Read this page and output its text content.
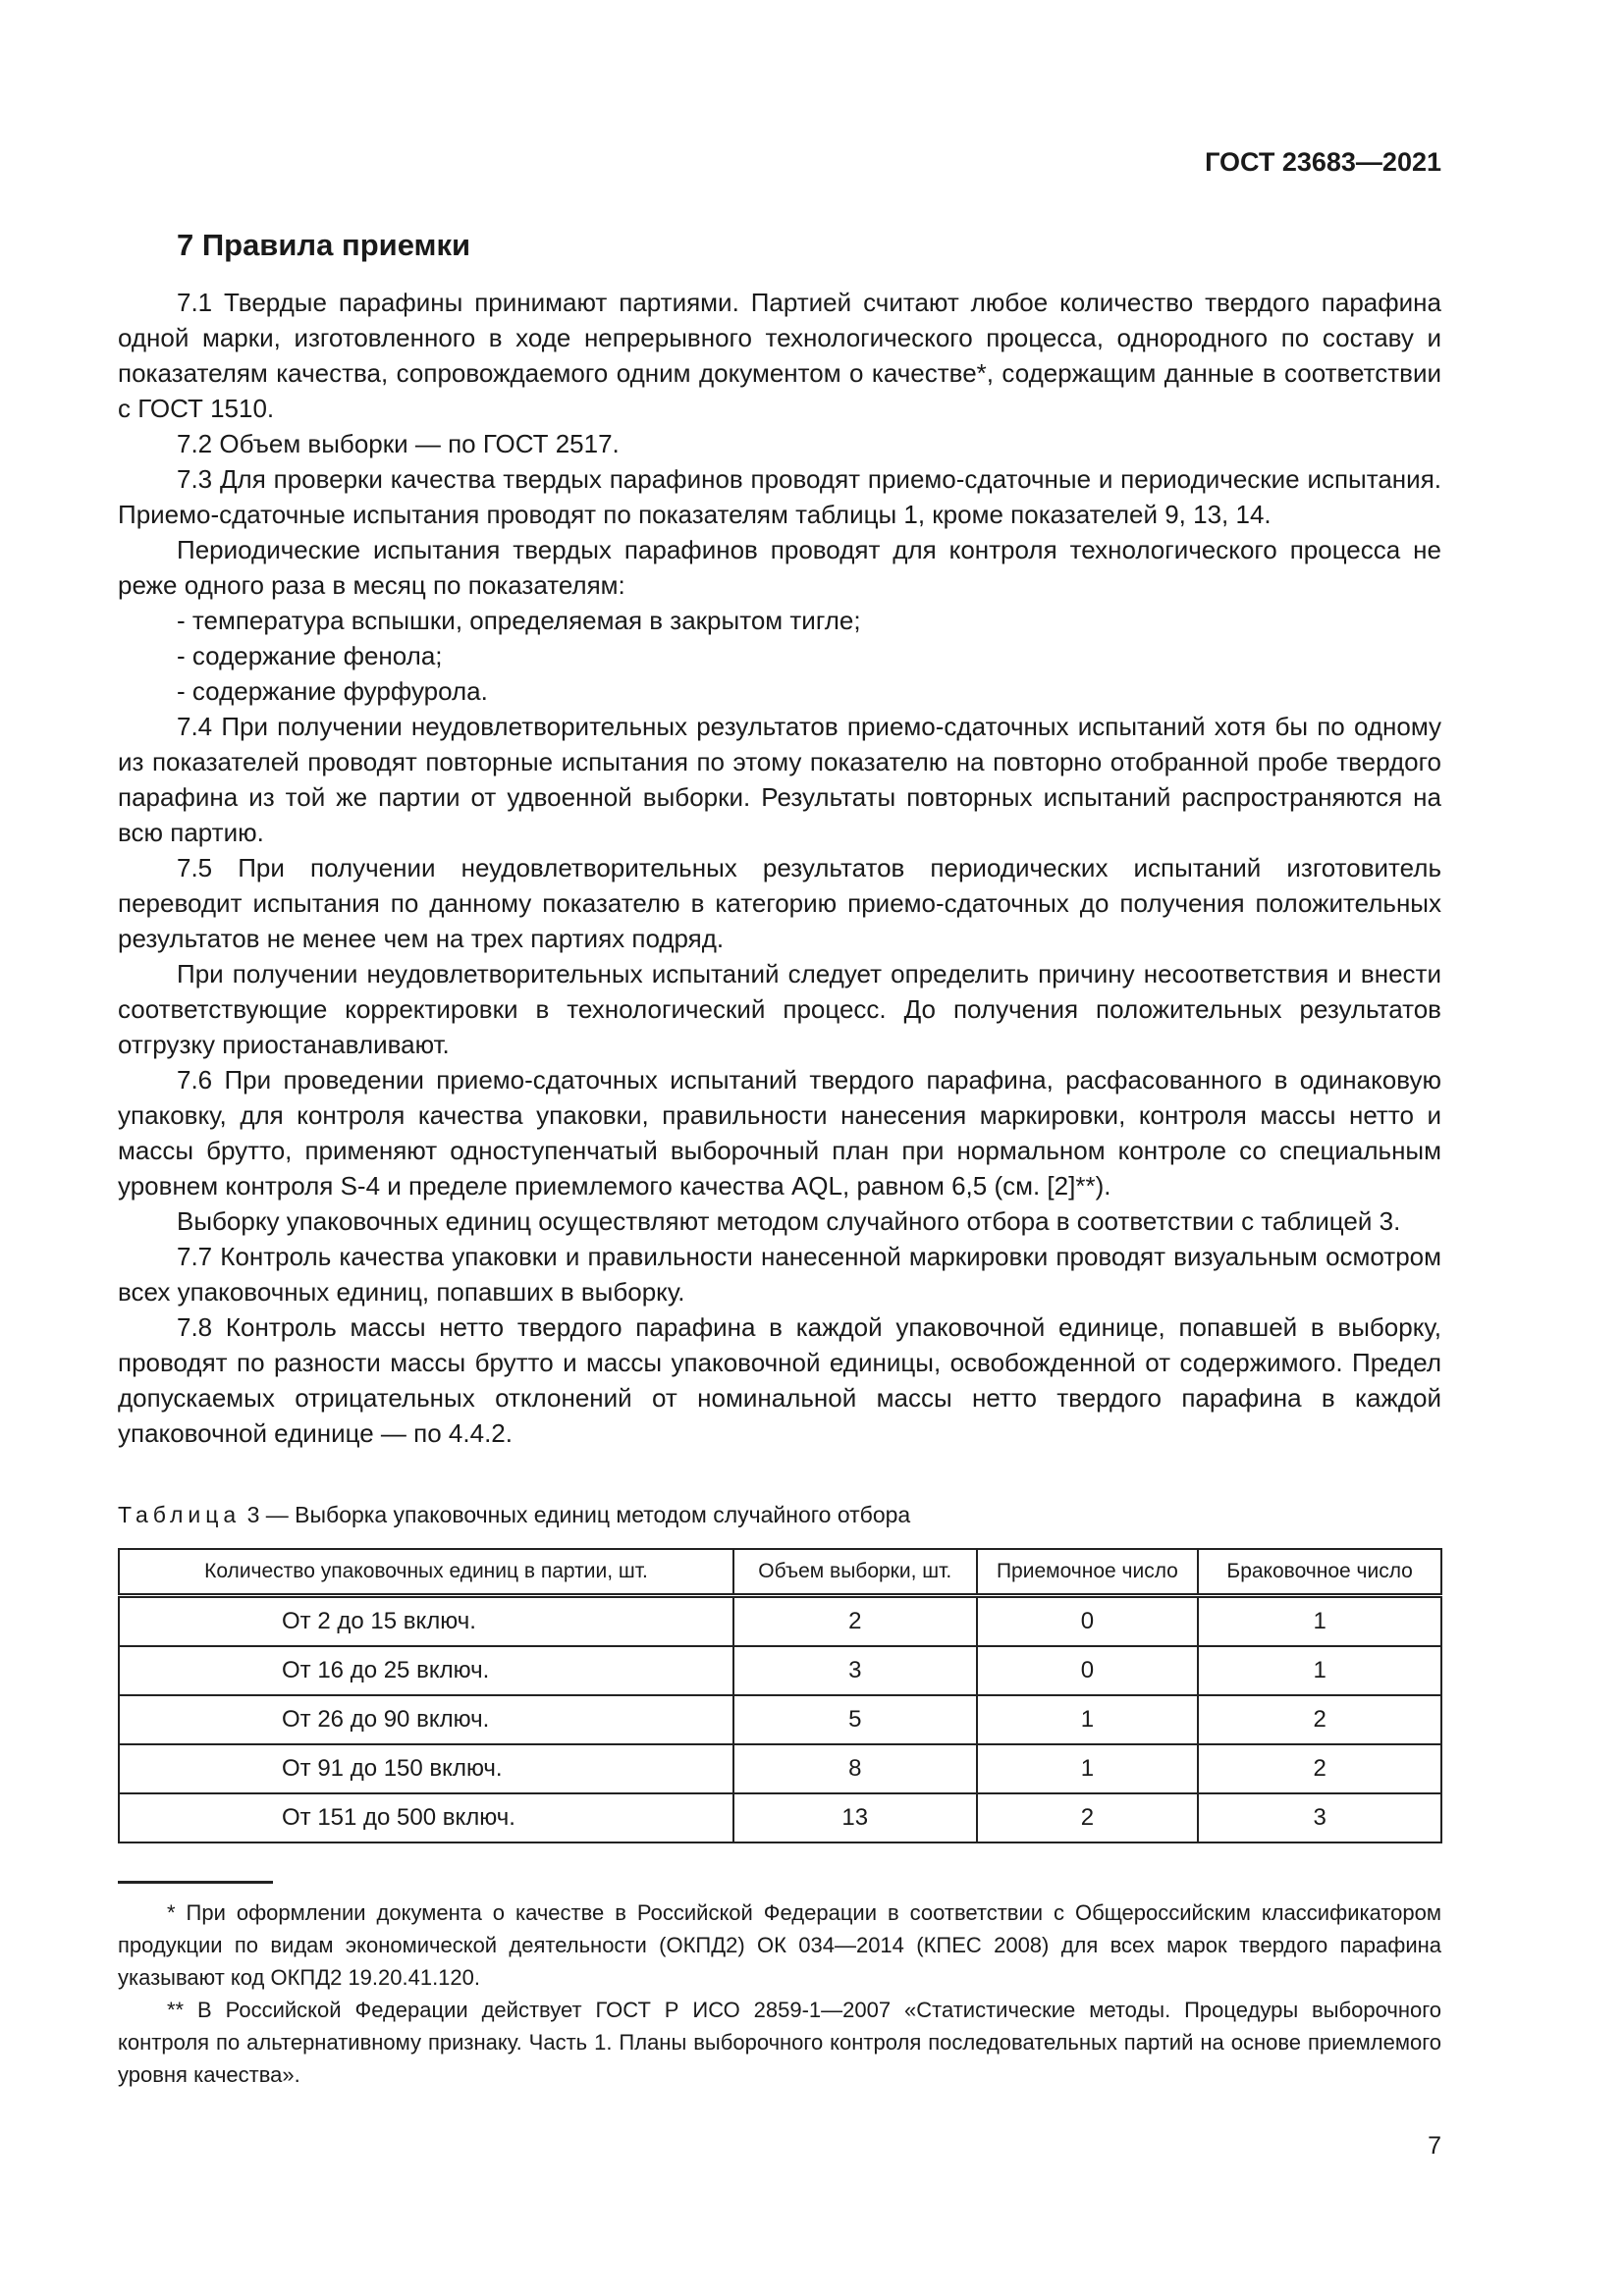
ГОСТ 23683—2021
7 Правила приемки

7.1 Твердые парафины принимают партиями. Партией считают любое количество твердого парафина одной марки, изготовленного в ходе непрерывного технологического процесса, однородного по составу и показателям качества, сопровождаемого одним документом о качестве*, содержащим данные в соответствии с ГОСТ 1510.

7.2 Объем выборки — по ГОСТ 2517.

7.3 Для проверки качества твердых парафинов проводят приемо-сдаточные и периодические испытания. Приемо-сдаточные испытания проводят по показателям таблицы 1, кроме показателей 9, 13, 14.

Периодические испытания твердых парафинов проводят для контроля технологического процесса не реже одного раза в месяц по показателям:

- температура вспышки, определяемая в закрытом тигле;

- содержание фенола;

- содержание фурфурола.

7.4 При получении неудовлетворительных результатов приемо-сдаточных испытаний хотя бы по одному из показателей проводят повторные испытания по этому показателю на повторно отобранной пробе твердого парафина из той же партии от удвоенной выборки. Результаты повторных испытаний распространяются на всю партию.

7.5 При получении неудовлетворительных результатов периодических испытаний изготовитель переводит испытания по данному показателю в категорию приемо-сдаточных до получения положительных результатов не менее чем на трех партиях подряд.

При получении неудовлетворительных испытаний следует определить причину несоответствия и внести соответствующие корректировки в технологический процесс. До получения положительных результатов отгрузку приостанавливают.

7.6 При проведении приемо-сдаточных испытаний твердого парафина, расфасованного в одинаковую упаковку, для контроля качества упаковки, правильности нанесения маркировки, контроля массы нетто и массы брутто, применяют одноступенчатый выборочный план при нормальном контроле со специальным уровнем контроля S-4 и пределе приемлемого качества AQL, равном 6,5 (см. [2]**).

Выборку упаковочных единиц осуществляют методом случайного отбора в соответствии с таблицей 3.

7.7 Контроль качества упаковки и правильности нанесенной маркировки проводят визуальным осмотром всех упаковочных единиц, попавших в выборку.

7.8 Контроль массы нетто твердого парафина в каждой упаковочной единице, попавшей в выборку, проводят по разности массы брутто и массы упаковочной единицы, освобожденной от содержимого. Предел допускаемых отрицательных отклонений от номинальной массы нетто твердого парафина в каждой упаковочной единице — по 4.4.2.

Таблица 3 — Выборка упаковочных единиц методом случайного отбора
Количество упаковочных единиц в партии, шт.	Объем выборки, шт.	Приемочное число	Браковочное число
От 2 до 15 включ.	2	0	1
От 16 до 25 включ.	3	0	1
От 26 до 90 включ.	5	1	2
От 91 до 150 включ.	8	1	2
От 151 до 500 включ.	13	2	3

* При оформлении документа о качестве в Российской Федерации в соответствии с Общероссийским классификатором продукции по видам экономической деятельности (ОКПД2) ОК 034—2014 (КПЕС 2008) для всех марок твердого парафина указывают код ОКПД2 19.20.41.120.

** В Российской Федерации действует ГОСТ Р ИСО 2859-1—2007 «Статистические методы. Процедуры выборочного контроля по альтернативному признаку. Часть 1. Планы выборочного контроля последовательных партий на основе приемлемого уровня качества».

7
